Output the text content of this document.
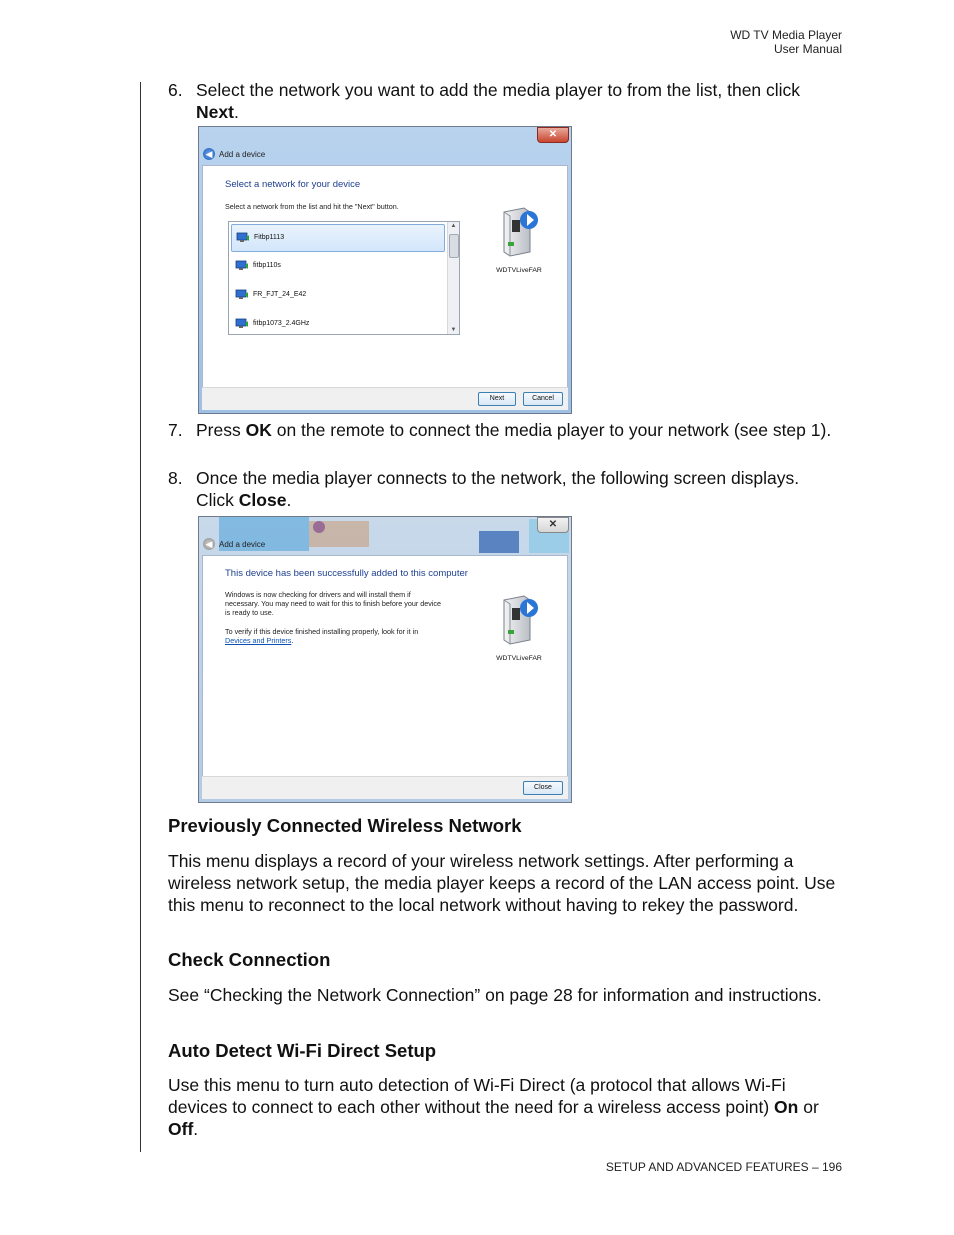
WD TV Media Player
User Manual
6. Select the network you want to add the media player to from the list, then click Next.
✕
◀ Add a device
Select a network for your device
Select a network from the list and hit the "Next" button.
Fitbp1113
fitbp110s
FR_FJT_24_E42
fitbp1073_2.4GHz
▲
▼
WDTVLiveFAR
Next	Cancel
7. Press OK on the remote to connect the media player to your network (see step 1).
8. Once the media player connects to the network, the following screen displays. Click Close.
✕
◀ Add a device
This device has been successfully added to this computer
Windows is now checking for drivers and will install them if
necessary. You may need to wait for this to finish before your device
is ready to use.
To verify if this device finished installing properly, look for it in
Devices and Printers.
WDTVLiveFAR
Close
Previously Connected Wireless Network

This menu displays a record of your wireless network settings. After performing a wireless network setup, the media player keeps a record of the LAN access point. Use this menu to reconnect to the local network without having to rekey the password.

Check Connection

See “Checking the Network Connection” on page 28 for information and instructions.

Auto Detect Wi-Fi Direct Setup

Use this menu to turn auto detection of Wi-Fi Direct (a protocol that allows Wi-Fi devices to connect to each other without the need for a wireless access point) On or Off.

SETUP AND ADVANCED FEATURES – 196
